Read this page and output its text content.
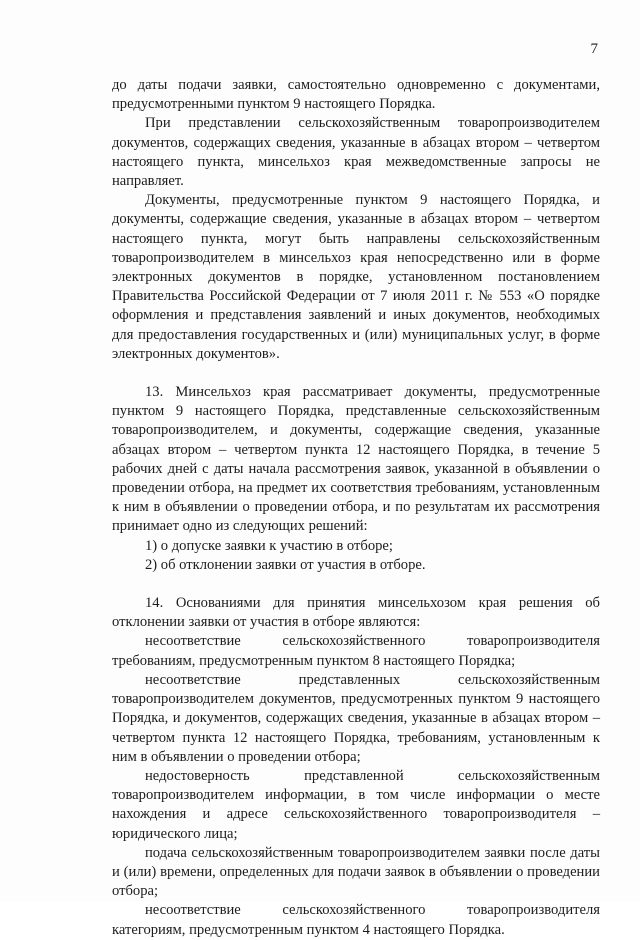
7

до даты подачи заявки, самостоятельно одновременно с документами, предусмотренными пунктом 9 настоящего Порядка.

При представлении сельскохозяйственным товаропроизводителем документов, содержащих сведения, указанные в абзацах втором – четвертом настоящего пункта, минсельхоз края межведомственные запросы не направляет.

Документы, предусмотренные пунктом 9 настоящего Порядка, и документы, содержащие сведения, указанные в абзацах втором – четвертом настоящего пункта, могут быть направлены сельскохозяйственным товаропроизводителем в минсельхоз края непосредственно или в форме электронных документов в порядке, установленном постановлением Правительства Российской Федерации от 7 июля 2011 г. № 553 «О порядке оформления и представления заявлений и иных документов, необходимых для предоставления государственных и (или) муниципальных услуг, в форме электронных документов».

13. Минсельхоз края рассматривает документы, предусмотренные пунктом 9 настоящего Порядка, представленные сельскохозяйственным товаропроизводителем, и документы, содержащие сведения, указанные абзацах втором – четвертом пункта 12 настоящего Порядка, в течение 5 рабочих дней с даты начала рассмотрения заявок, указанной в объявлении о проведении отбора, на предмет их соответствия требованиям, установленным к ним в объявлении о проведении отбора, и по результатам их рассмотрения принимает одно из следующих решений:

1) о допуске заявки к участию в отборе;

2) об отклонении заявки от участия в отборе.

14. Основаниями для принятия минсельхозом края решения об отклонении заявки от участия в отборе являются:

несоответствие сельскохозяйственного товаропроизводителя требованиям, предусмотренным пунктом 8 настоящего Порядка;

несоответствие представленных сельскохозяйственным товаропроизводителем документов, предусмотренных пунктом 9 настоящего Порядка, и документов, содержащих сведения, указанные в абзацах втором – четвертом пункта 12 настоящего Порядка, требованиям, установленным к ним в объявлении о проведении отбора;

недостоверность представленной сельскохозяйственным товаропроизводителем информации, в том числе информации о месте нахождения и адресе сельскохозяйственного товаропроизводителя – юридического лица;

подача сельскохозяйственным товаропроизводителем заявки после даты и (или) времени, определенных для подачи заявок в объявлении о проведении отбора;

несоответствие сельскохозяйственного товаропроизводителя категориям, предусмотренным пунктом 4 настоящего Порядка.
